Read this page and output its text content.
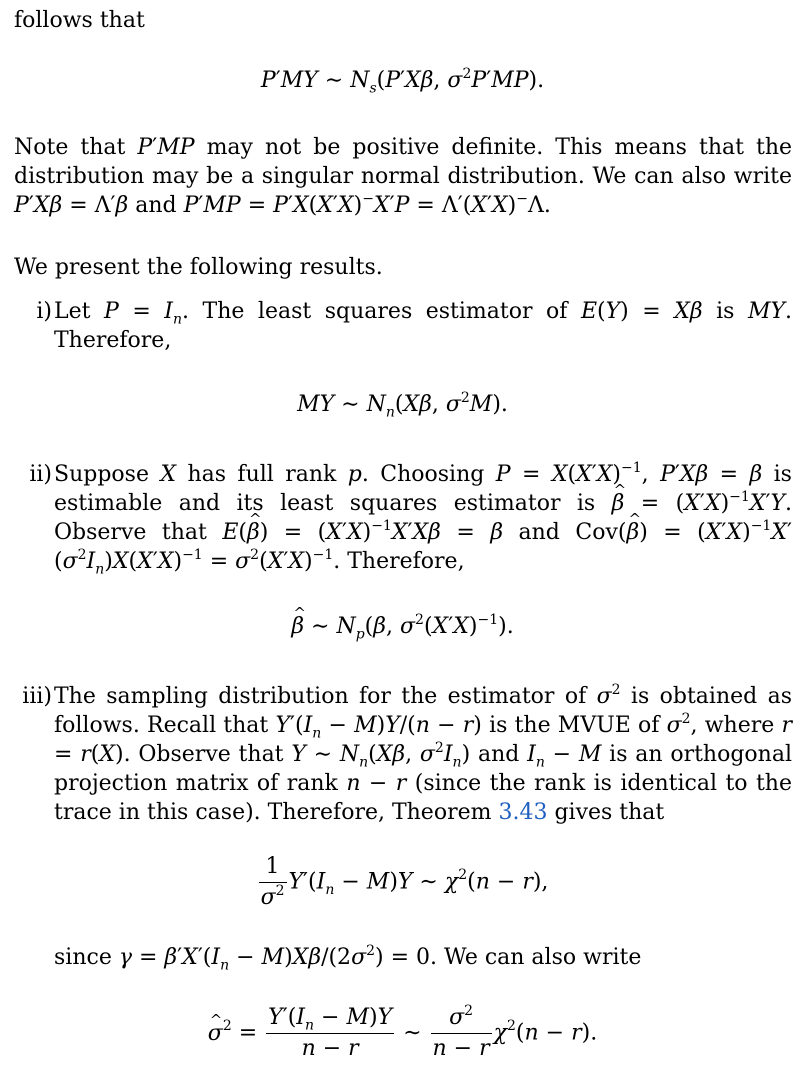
follows that

P′MY ∼ $N_s(P'X\beta$, $\sigma^2P'MP$).

Note that P′MP may not be positive definite. This means that the distribution may be a singular normal distribution. We can also write P′Xβ = Λ′β and P′MP = P′X(X′X)−X′P = Λ′(X′X)−Λ.

We present the following results.

i) Let $P = I_n$. The least squares estimator of E(Y) = Xβ is MY. Therefore,
MY ∼ $N_n(X\beta$, $\sigma^2M$).
ii) Suppose X has full rank p. Choosing $P = X(X'X)^{-1}$, P′Xβ = β is estimable and its least squares estimator is ^ $\beta = (X'X)^{-1}X'Y$. Observe that E(^ $\beta) = (X'X)^{-1}X'X\beta = \beta$ and Cov(^ $\beta) = (X'X)^{-1}X'(\sigma^2I_n)X(X'X)^{-1} = \sigma^2(X'X)^{-1}$. Therefore,
^ β ∼ $N_p(\beta$, $\sigma^2(X'X)^{-1}$).
iii) The sampling distribution for the estimator of $\sigma^2$ is obtained as follows. Recall that $Y'(I_n - M)Y/(n - r)$ is the MVUE of $\sigma^2$, where r = r(X). Observe that Y ∼ $N_n(X\beta$, $\sigma^2I_n$) and $I_n - M$ is an orthogonal projection matrix of rank n − r (since the rank is identical to the trace in this case). Therefore, Theorem 3.43 gives that
$\frac{1}{\sigma^2} Y'(I_n - M)Y$ ∼ $\chi^2(n - r)$,

since $\gamma = \beta'X'(I_n - M)X\beta/(2\sigma^2) = 0$. We can also write

^ $\sigma^2 = \frac{Y'(I_n - M)Y}{n - r}$ ∼ $\frac{\sigma^2}{n - r} \chi^2(n - r)$.
